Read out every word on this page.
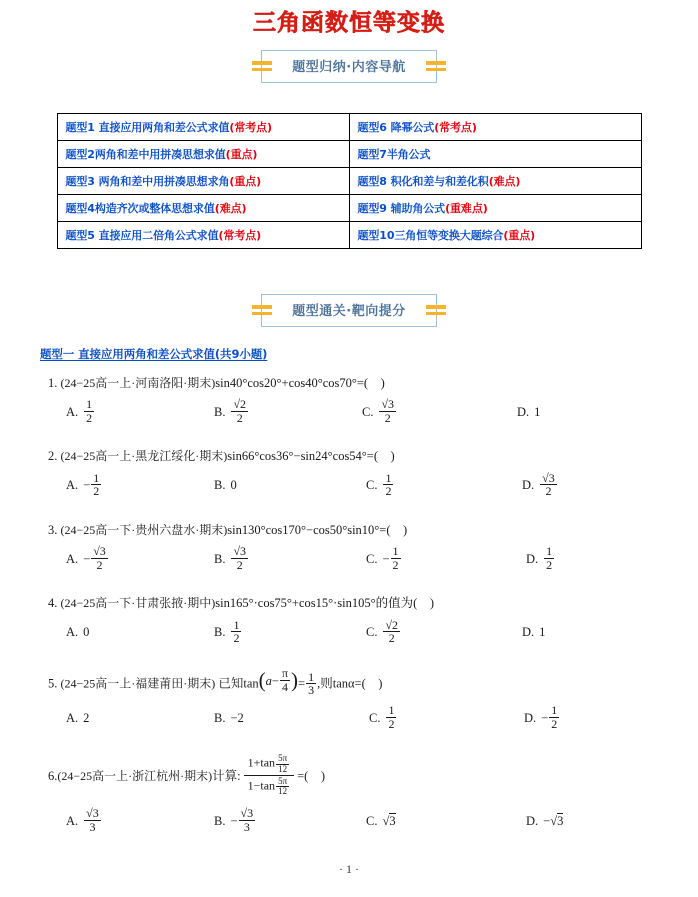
三角函数恒等变换
题型归纳·内容导航
题型1 直接应用两角和差公式求值(常考点)	题型6 降幂公式(常考点)
题型2两角和差中用拼凑思想求值(重点)	题型7半角公式
题型3 两角和差中用拼凑思想求角(重点)	题型8 积化和差与和差化积(难点)
题型4构造齐次或整体思想求值(难点)	题型9 辅助角公式(重难点)
题型5 直接应用二倍角公式求值(常考点)	题型10三角恒等变换大题综合(重点)
题型通关·靶向提分
题型一 直接应用两角和差公式求值(共9小题)
1. (24−25高一上·河南洛阳·期末)sin40°cos20°+cos40°cos70°=( )
A. $\frac{1}{2}$	B. $\frac{√2}{2}$	C. $\frac{√3}{2}$	D. 1
2. (24−25高一上·黑龙江绥化·期末)sin66°cos36°−sin24°cos54°=( )
A. − $\frac{1}{2}$	B. 0	C. $\frac{1}{2}$	D. $\frac{√3}{2}$
3. (24−25高一下·贵州六盘水·期末)sin130°cos170°−cos50°sin10°=( )
A. − $\frac{√3}{2}$	B. $\frac{√3}{2}$	C. − $\frac{1}{2}$	D. $\frac{1}{2}$
4. (24−25高一下·甘肃张掖·期中)sin165°·cos75°+cos15°·sin105°的值为( )
A. 0	B. $\frac{1}{2}$	C. $\frac{√2}{2}$	D. 1
5. (24−25高一上·福建莆田·期末) 已知tan ( $a - \frac{\pi}{4}$ ) = $\frac{1}{3}$ ,则tanα=( )
A. 2	B. −2	C. $\frac{1}{2}$	D. − $\frac{1}{2}$
6. (24−25高一上·浙江杭州·期末) 计算: $\frac{1+\tan \frac{5\pi}{12}}{1-\tan \frac{5\pi}{12}}$ =(
)
A. $\frac{√3}{3}$	B. − $\frac{√3}{3}$	C. √3	D. − √3
· 1 ·
